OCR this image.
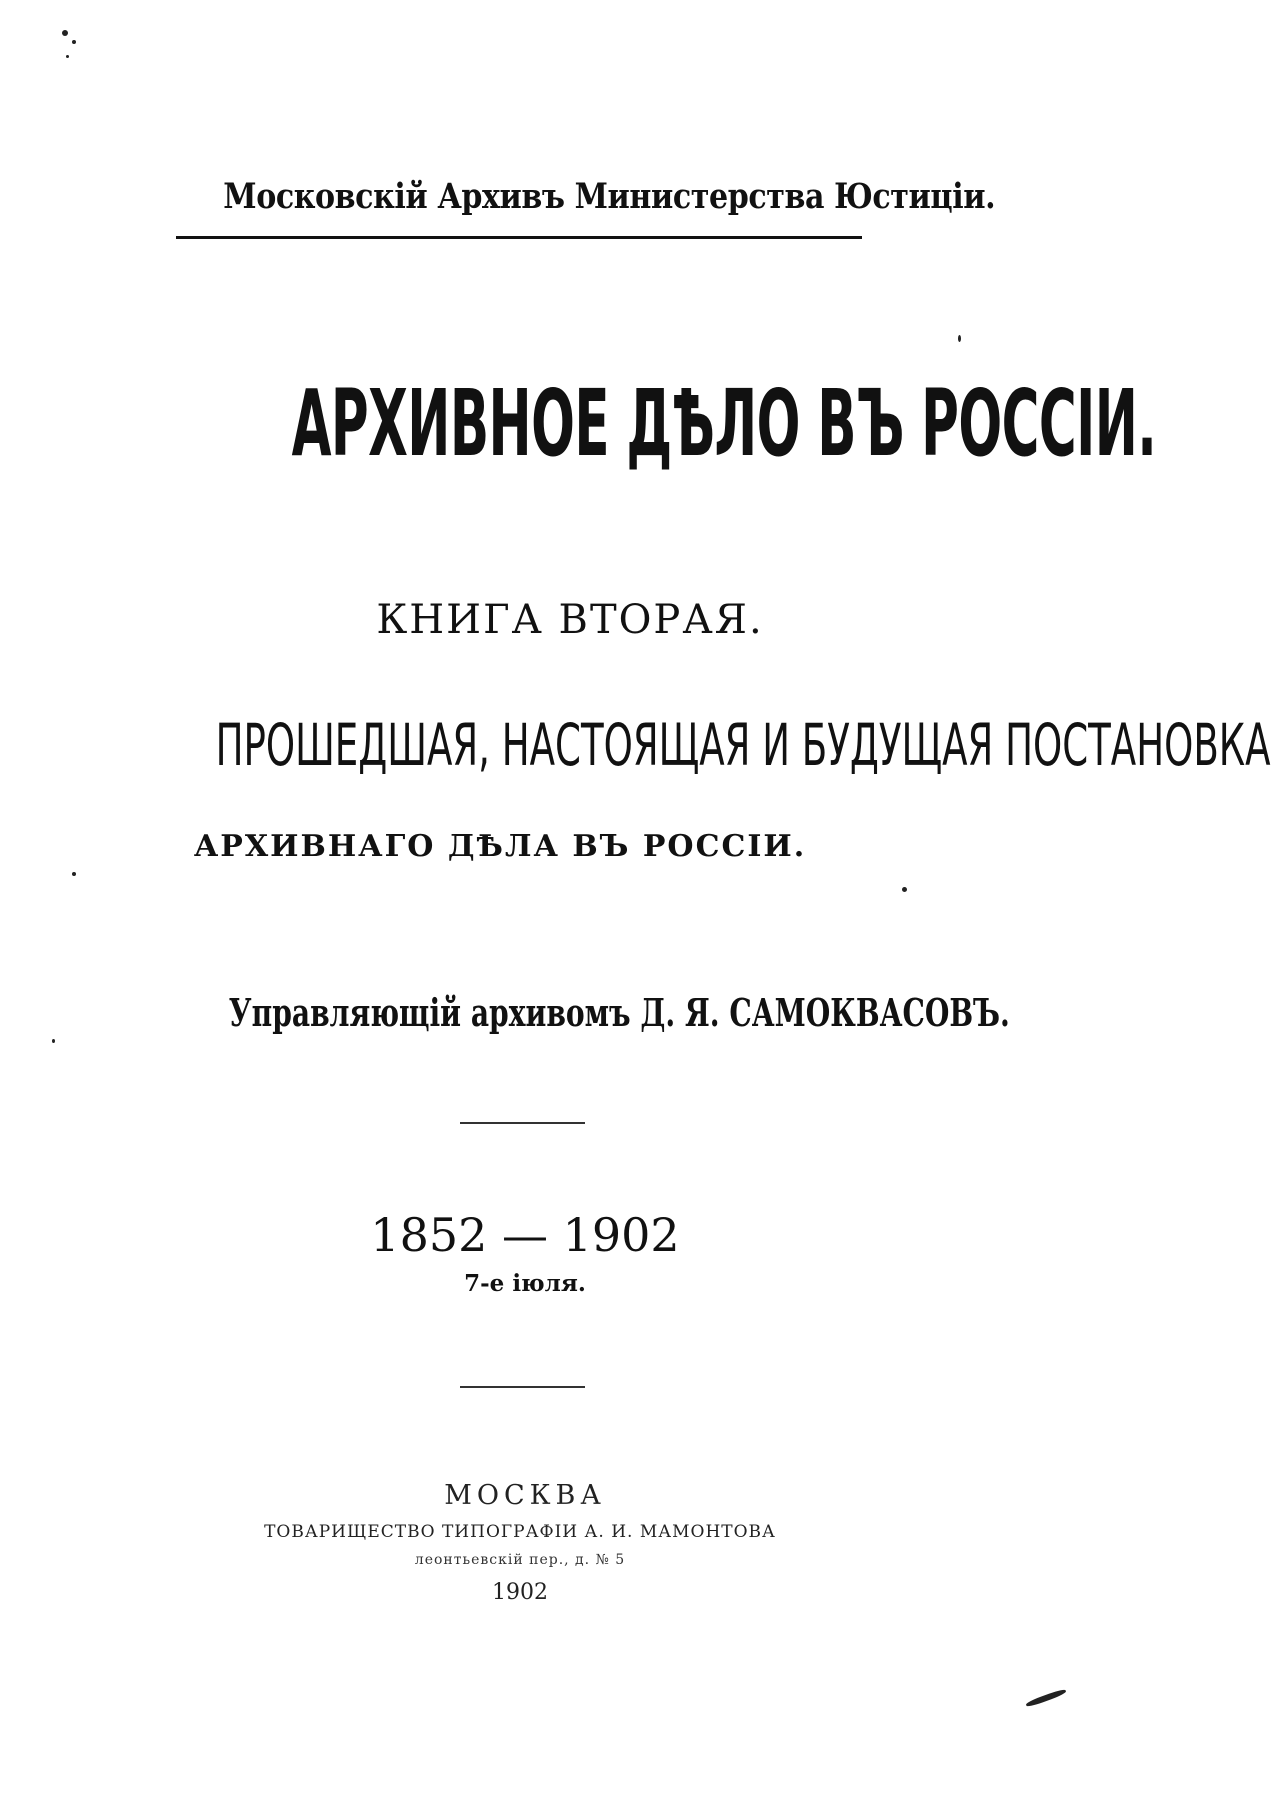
Московскій Архивъ Министерства Юстиціи.
АРХИВНОЕ ДѢЛО ВЪ РОССІИ.
КНИГА ВТОРАЯ.
ПРОШЕДШАЯ, НАСТОЯЩАЯ И БУДУЩАЯ ПОСТАНОВКА
АРХИВНАГО ДѢЛА ВЪ РОССІИ.
Управляющій архивомъ Д. Я. САМОКВАСОВЪ.
1852 — 1902
7-е іюля.
МОСКВА
ТОВАРИЩЕСТВО ТИПОГРАФІИ А. И. МАМОНТОВА
леонтьевскій пер., д. № 5
1902
